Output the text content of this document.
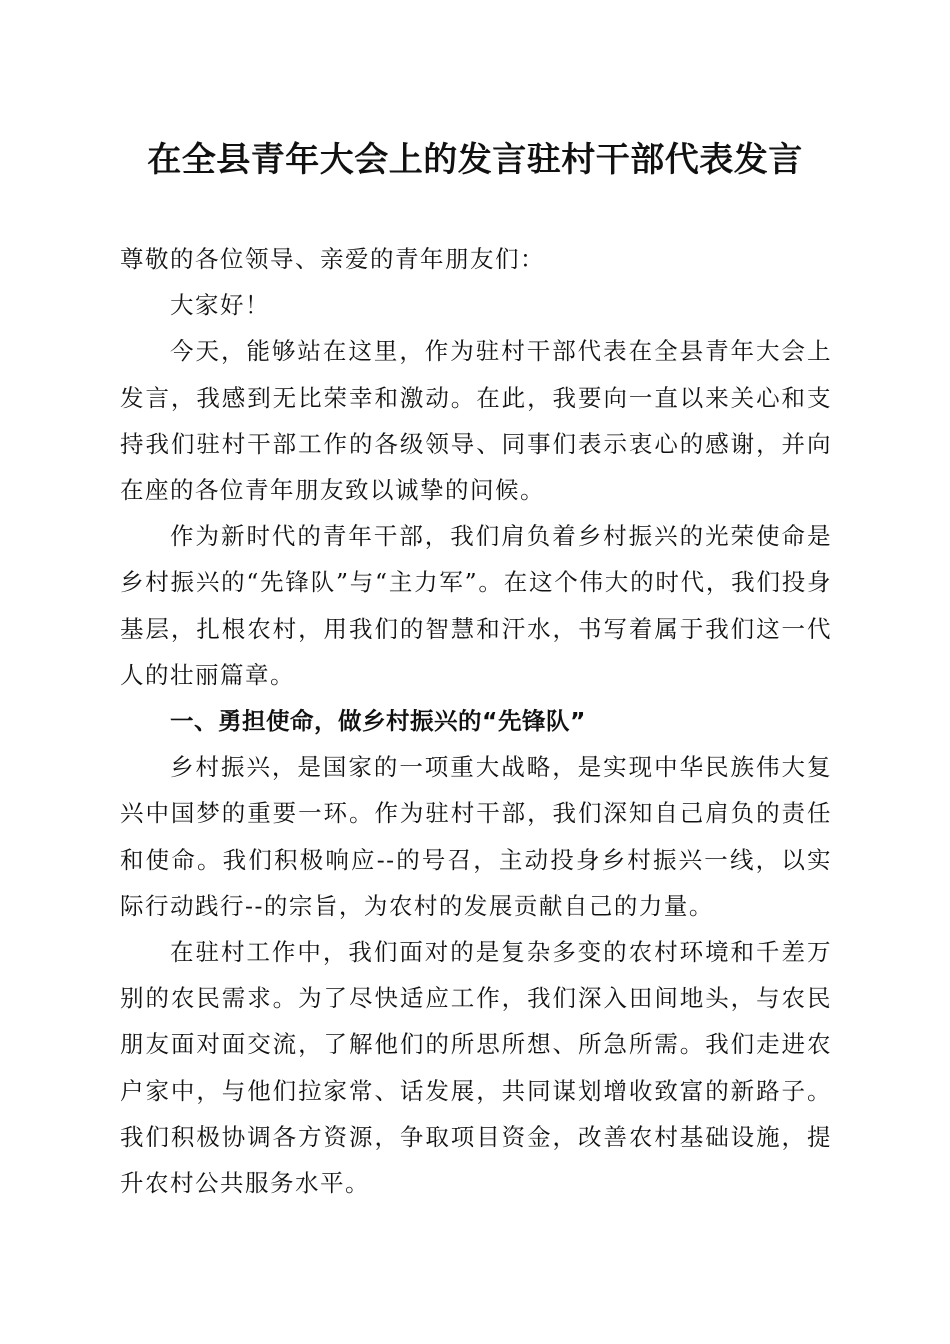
在全县青年大会上的发言驻村干部代表发言

尊敬的各位领导、亲爱的青年朋友们：

大家好！

今天，能够站在这里，作为驻村干部代表在全县青年大会上发言，我感到无比荣幸和激动。在此，我要向一直以来关心和支持我们驻村干部工作的各级领导、同事们表示衷心的感谢，并向在座的各位青年朋友致以诚挚的问候。

作为新时代的青年干部，我们肩负着乡村振兴的光荣使命是乡村振兴的“先锋队”与“主力军”。在这个伟大的时代，我们投身基层，扎根农村，用我们的智慧和汗水，书写着属于我们这一代人的壮丽篇章。

一、勇担使命，做乡村振兴的“先锋队”

乡村振兴，是国家的一项重大战略，是实现中华民族伟大复兴中国梦的重要一环。作为驻村干部，我们深知自己肩负的责任和使命。我们积极响应--的号召，主动投身乡村振兴一线，以实际行动践行--的宗旨，为农村的发展贡献自己的力量。

在驻村工作中，我们面对的是复杂多变的农村环境和千差万别的农民需求。为了尽快适应工作，我们深入田间地头，与农民朋友面对面交流，了解他们的所思所想、所急所需。我们走进农户家中，与他们拉家常、话发展，共同谋划增收致富的新路子。我们积极协调各方资源，争取项目资金，改善农村基础设施，提升农村公共服务水平。
